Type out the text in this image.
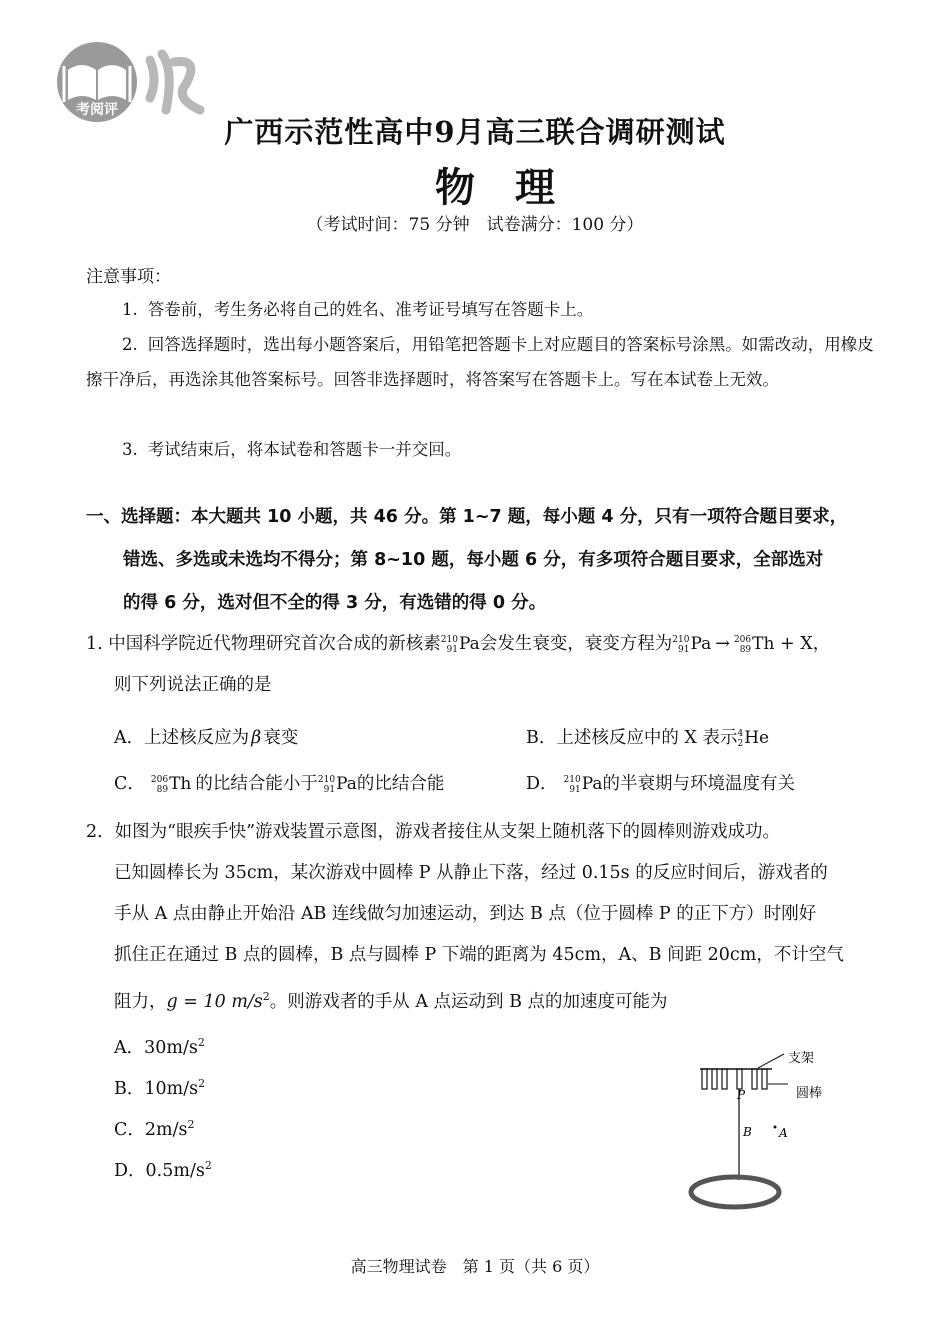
考阅评
广西示范性高中9月高三联合调研测试
物理
（考试时间：75 分钟　试卷满分：100 分）
注意事项：
1. 答卷前，考生务必将自己的姓名、准考证号填写在答题卡上。
2. 回答选择题时，选出每小题答案后，用铅笔把答题卡上对应题目的答案标号涂黑。如需改动，用橡皮擦干净后，再选涂其他答案标号。回答非选择题时，将答案写在答题卡上。写在本试卷上无效。
3. 考试结束后，将本试卷和答题卡一并交回。
一、选择题：本大题共 10 小题，共 46 分。第 1~7 题，每小题 4 分，只有一项符合题目要求，
错选、多选或未选均不得分；第 8~10 题，每小题 6 分，有多项符合题目要求，全部选对
的得 6 分，选对但不全的得 3 分，有选错的得 0 分。
1. 中国科学院近代物理研究首次合成的新核素 210
91 Pa会发生衰变，衰变方程为 210
91 Pa → 206
89 Th + X，
则下列说法正确的是
A．上述核反应为 β 衰变	B．上述核反应中的 X 表示 4
2 He
C． 206
89 Th 的比结合能小于 210
91 Pa的比结合能	D． 210
91 Pa的半衰期与环境温度有关
2．如图为“眼疾手快”游戏装置示意图，游戏者接住从支架上随机落下的圆棒则游戏成功。
已知圆棒长为 35cm，某次游戏中圆棒 P 从静止下落，经过 0.15s 的反应时间后，游戏者的
手从 A 点由静止开始沿 AB 连线做匀加速运动，到达 B 点（位于圆棒 P 的正下方）时刚好
抓住正在通过 B 点的圆棒，B 点与圆棒 P 下端的距离为 45cm，A、B 间距 20cm，不计空气
阻力，g = 10 $m/s^2$。则游戏者的手从 A 点运动到 B 点的加速度可能为
A．$30m/s^2$
B．$10m/s^2$
C．$2m/s^2$
D．$0.5m/s^2$
支架
圆棒
P
B A
高三物理试卷　第 1 页（共 6 页）
